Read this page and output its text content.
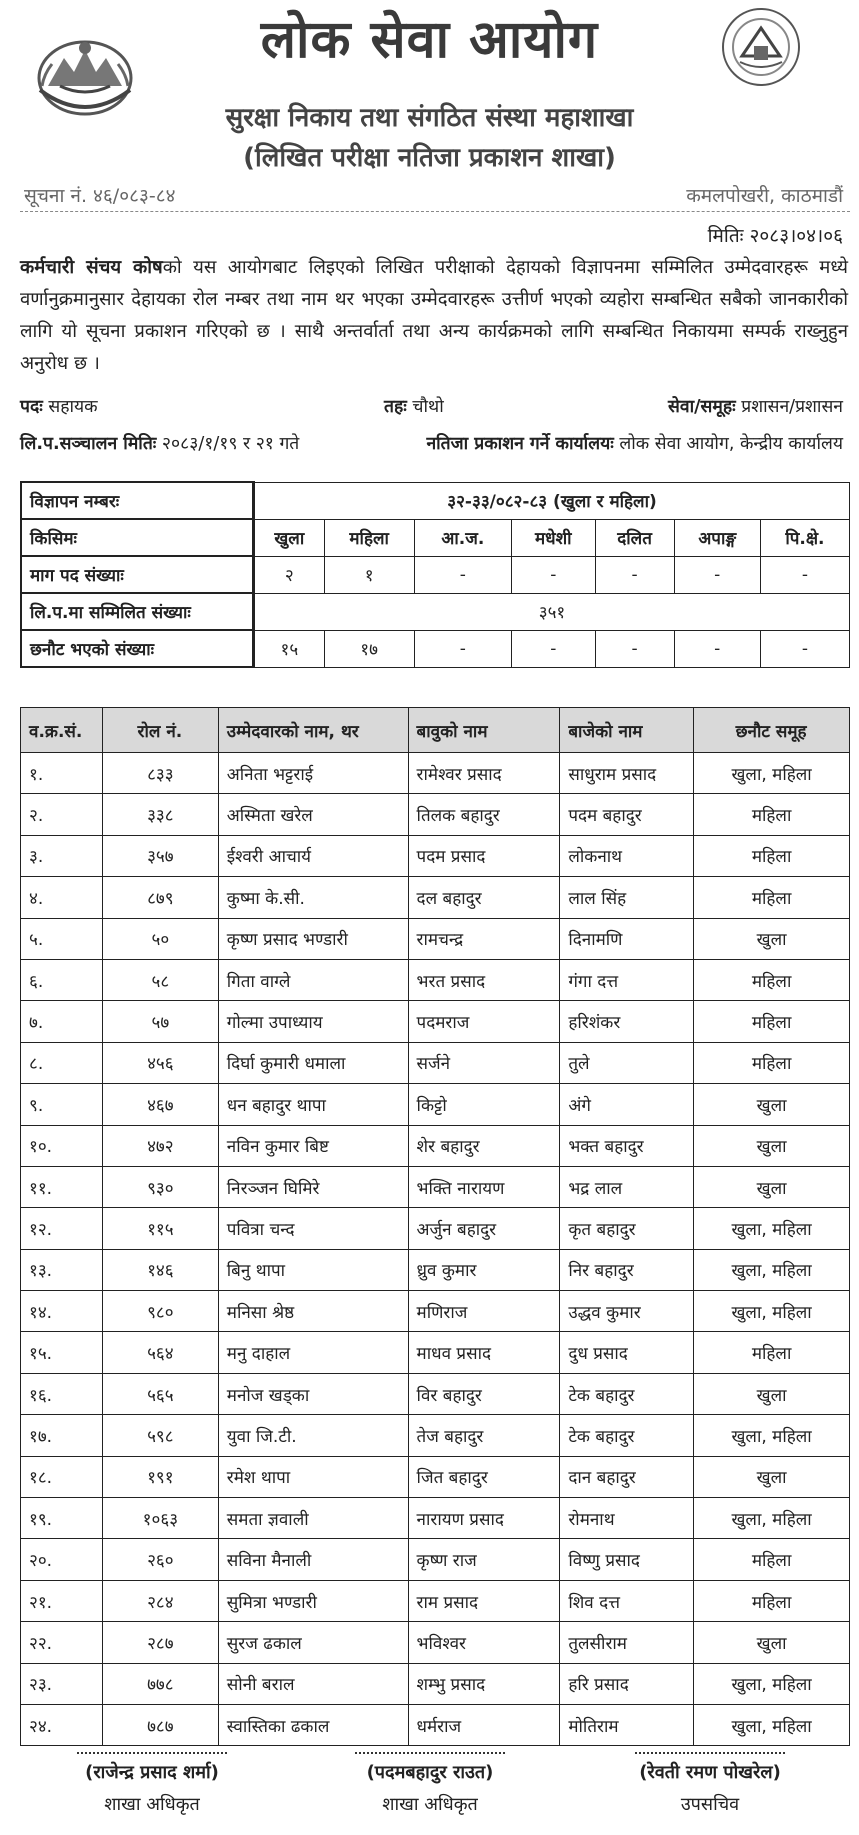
लोक सेवा आयोग
सुरक्षा निकाय तथा संगठित संस्था महाशाखा
(लिखित परीक्षा नतिजा प्रकाशन शाखा)
सूचना नं. ४६/०८३-८४	कमलपोखरी, काठमाडौं
मितिः २०८३।०४।०६
कर्मचारी संचय कोषको यस आयोगबाट लिइएको लिखित परीक्षाको देहायको विज्ञापनमा सम्मिलित उम्मेदवारहरू मध्ये वर्णानुक्रमानुसार देहायका रोल नम्बर तथा नाम थर भएका उम्मेदवारहरू उत्तीर्ण भएको व्यहोरा सम्बन्धित सबैको जानकारीको लागि यो सूचना प्रकाशन गरिएको छ । साथै अन्तर्वार्ता तथा अन्य कार्यक्रमको लागि सम्बन्धित निकायमा सम्पर्क राख्नुहुन अनुरोध छ ।
पदः सहायक	तहः चौथो	सेवा/समूहः प्रशासन/प्रशासन
लि.प.सञ्चालन मितिः २०८३/१/१९ र २१ गते	नतिजा प्रकाशन गर्ने कार्यालयः लोक सेवा आयोग, केन्द्रीय कार्यालय
विज्ञापन नम्बरः	३२-३३/०८२-८३ (खुला र महिला)						
किसिमः	खुला	महिला	आ.ज.	मधेशी	दलित	अपाङ्ग	पि.क्षे.
माग पद संख्याः	२	१	-	-	-	-	-
लि.प.मा सम्मिलित संख्याः	३५१						
छनौट भएको संख्याः	१५	१७	-	-	-	-	-
व.क्र.सं.	रोल नं.	उम्मेदवारको नाम, थर	बावुको नाम	बाजेको नाम	छनौट समूह
१.	८३३	अनिता भट्टराई	रामेश्वर प्रसाद	साधुराम प्रसाद	खुला, महिला
२.	३३८	अस्मिता खरेल	तिलक बहादुर	पदम बहादुर	महिला
३.	३५७	ईश्वरी आचार्य	पदम प्रसाद	लोकनाथ	महिला
४.	८७९	कुष्मा के.सी.	दल बहादुर	लाल सिंह	महिला
५.	५०	कृष्ण प्रसाद भण्डारी	रामचन्द्र	दिनामणि	खुला
६.	५८	गिता वाग्ले	भरत प्रसाद	गंगा दत्त	महिला
७.	५७	गोल्मा उपाध्याय	पदमराज	हरिशंकर	महिला
८.	४५६	दिर्घा कुमारी धमाला	सर्जने	तुले	महिला
९.	४६७	धन बहादुर थापा	किट्टो	अंगे	खुला
१०.	४७२	नविन कुमार बिष्ट	शेर बहादुर	भक्त बहादुर	खुला
११.	९३०	निरञ्जन घिमिरे	भक्ति नारायण	भद्र लाल	खुला
१२.	११५	पवित्रा चन्द	अर्जुन बहादुर	कृत बहादुर	खुला, महिला
१३.	१४६	बिनु थापा	ध्रुव कुमार	निर बहादुर	खुला, महिला
१४.	९८०	मनिसा श्रेष्ठ	मणिराज	उद्धव कुमार	खुला, महिला
१५.	५६४	मनु दाहाल	माधव प्रसाद	दुध प्रसाद	महिला
१६.	५६५	मनोज खड्का	विर बहादुर	टेक बहादुर	खुला
१७.	५९८	युवा जि.टी.	तेज बहादुर	टेक बहादुर	खुला, महिला
१८.	१९१	रमेश थापा	जित बहादुर	दान बहादुर	खुला
१९.	१०६३	समता ज्ञवाली	नारायण प्रसाद	रोमनाथ	खुला, महिला
२०.	२६०	सविना मैनाली	कृष्ण राज	विष्णु प्रसाद	महिला
२१.	२८४	सुमित्रा भण्डारी	राम प्रसाद	शिव दत्त	महिला
२२.	२८७	सुरज ढकाल	भविश्वर	तुलसीराम	खुला
२३.	७७८	सोनी बराल	शम्भु प्रसाद	हरि प्रसाद	खुला, महिला
२४.	७८७	स्वास्तिका ढकाल	धर्मराज	मोतिराम	खुला, महिला
(राजेन्द्र प्रसाद शर्मा)
शाखा अधिकृत
(पदमबहादुर राउत)
शाखा अधिकृत
(रेवती रमण पोखरेल)
उपसचिव
